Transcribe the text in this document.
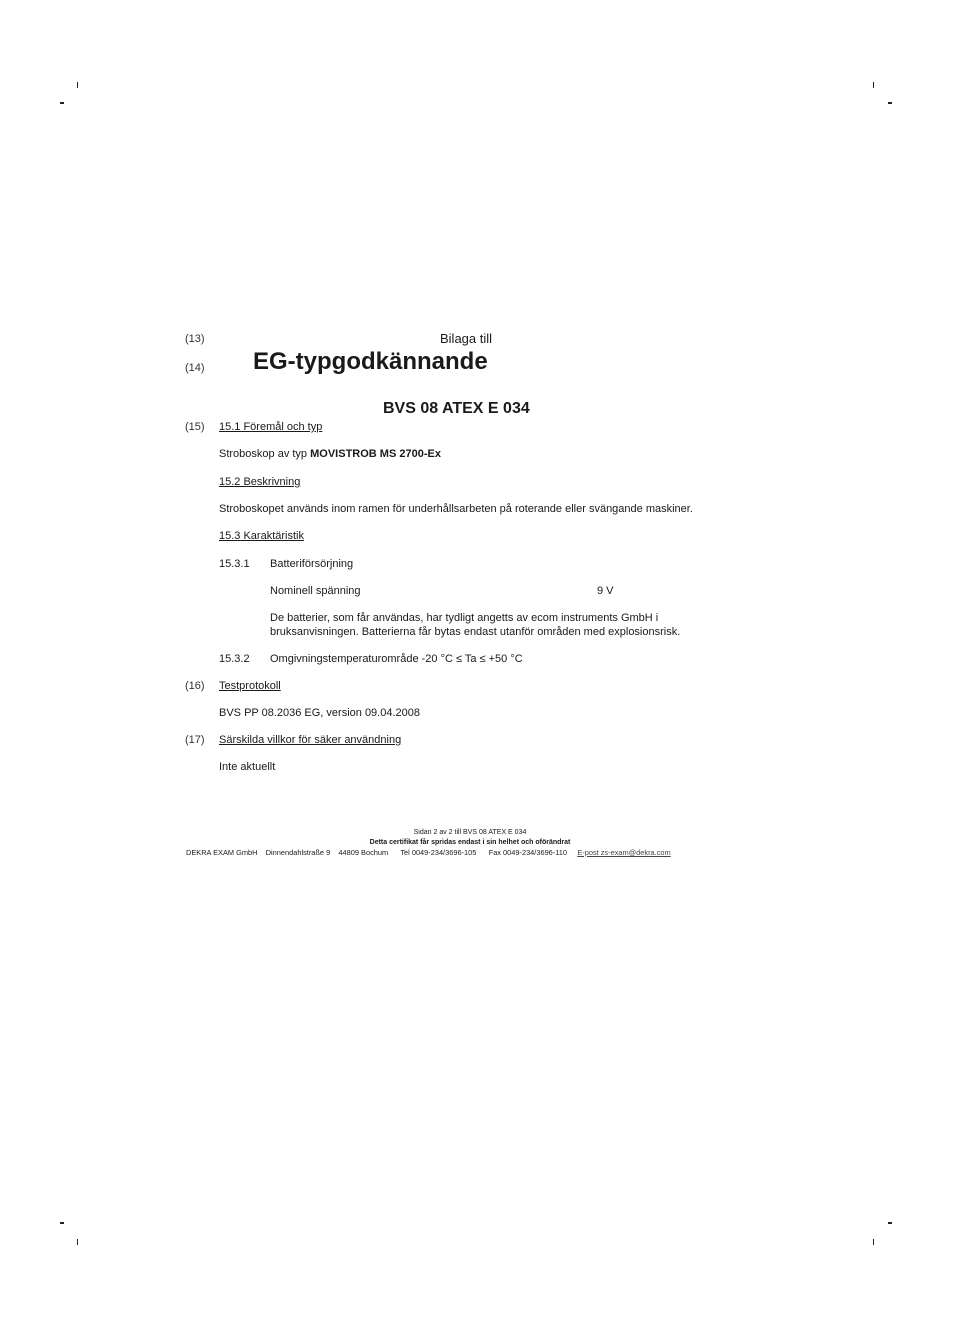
(13)	Bilaga till
(14) EG-typgodkännande
BVS 08 ATEX E 034
(15) 15.1 Föremål och typ
Stroboskop av typ MOVISTROB MS 2700-Ex
15.2 Beskrivning
Stroboskopet används inom ramen för underhållsarbeten på roterande eller svängande maskiner.
15.3 Karaktäristik
15.3.1 Batteriförsörjning
Nominell spänning	9 V
De batterier, som får användas, har tydligt angetts av ecom instruments GmbH i
bruksanvisningen. Batterierna får bytas endast utanför områden med explosionsrisk.
15.3.2 Omgivningstemperaturområde -20 °C ≤ Ta ≤ +50 °C
(16) Testprotokoll
BVS PP 08.2036 EG, version 09.04.2008
(17) Särskilda villkor för säker användning
Inte aktuellt
Sidan 2 av 2 till BVS 08 ATEX E 034
Detta certifikat får spridas endast i sin helhet och oförändrat
DEKRA EXAM GmbH Dinnendahlstraße 9 44809 Bochum Tel 0049-234/3696-105 Fax 0049-234/3696-110 E-post zs-exam@dekra.com
